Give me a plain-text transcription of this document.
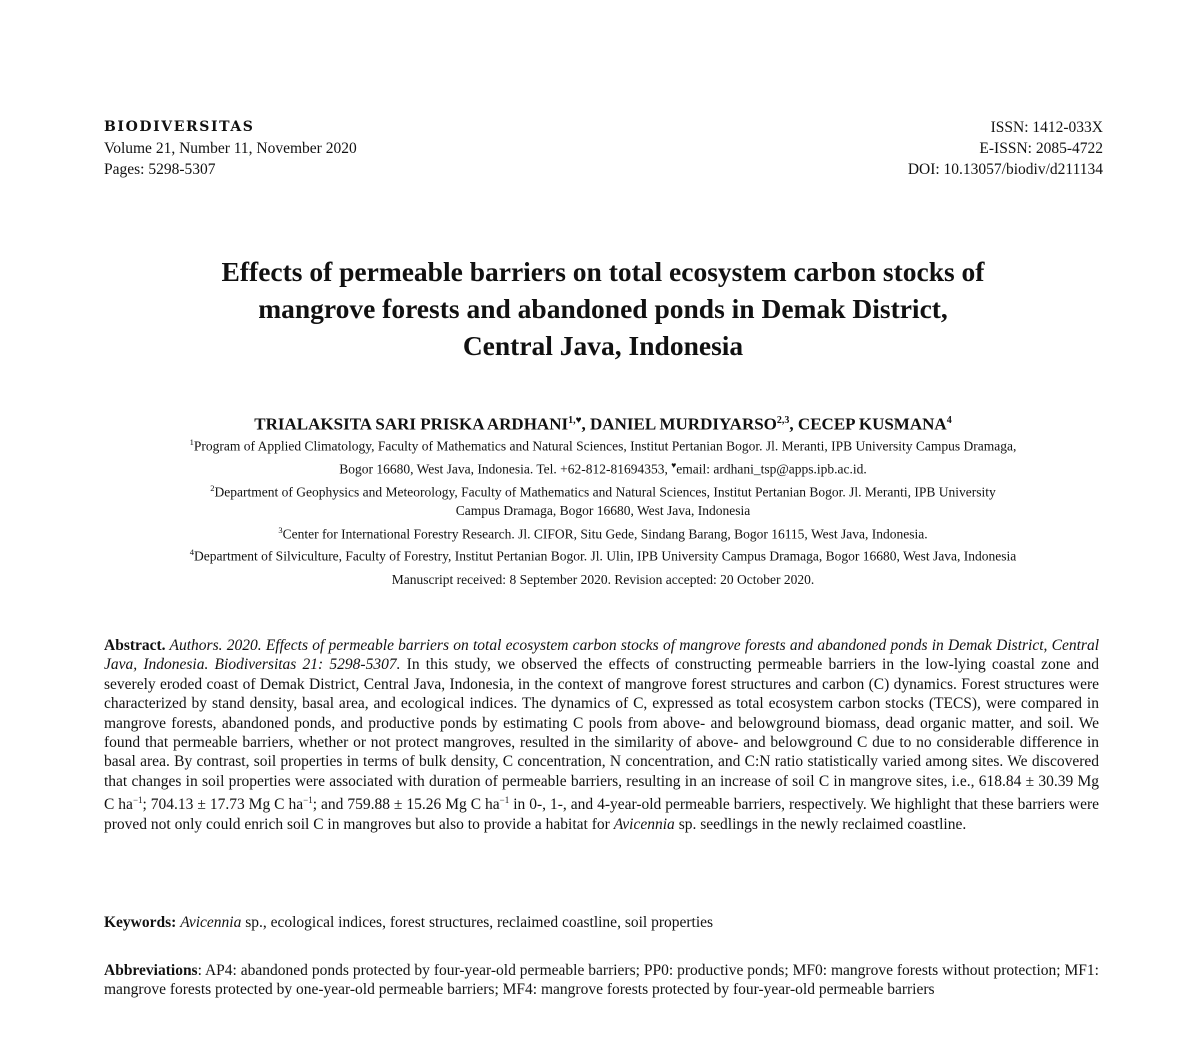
BIODIVERSITAS
Volume 21, Number 11, November 2020
Pages: 5298-5307
ISSN: 1412-033X
E-ISSN: 2085-4722
DOI: 10.13057/biodiv/d211134
Effects of permeable barriers on total ecosystem carbon stocks of
mangrove forests and abandoned ponds in Demak District,
Central Java, Indonesia
TRIALAKSITA SARI PRISKA $ARDHANI^{1,♥}$, DANIEL MURDIYARSO$^{2,3}$, CECEP KUSMANA$^4$
$^1$Program of Applied Climatology, Faculty of Mathematics and Natural Sciences, Institut Pertanian Bogor. Jl. Meranti, IPB University Campus Dramaga,
Bogor 16680, West Java, Indonesia. Tel. +62-812-81694353, ♥email: ardhani_tsp@apps.ipb.ac.id.
$^2$Department of Geophysics and Meteorology, Faculty of Mathematics and Natural Sciences, Institut Pertanian Bogor. Jl. Meranti, IPB University
Campus Dramaga, Bogor 16680, West Java, Indonesia
$^3$Center for International Forestry Research. Jl. CIFOR, Situ Gede, Sindang Barang, Bogor 16115, West Java, Indonesia.
$^4$Department of Silviculture, Faculty of Forestry, Institut Pertanian Bogor. Jl. Ulin, IPB University Campus Dramaga, Bogor 16680, West Java, Indonesia
Manuscript received: 8 September 2020. Revision accepted: 20 October 2020.
Abstract. Authors. 2020. Effects of permeable barriers on total ecosystem carbon stocks of mangrove forests and abandoned ponds in Demak District, Central Java, Indonesia. Biodiversitas 21: 5298-5307. In this study, we observed the effects of constructing permeable barriers in the low-lying coastal zone and severely eroded coast of Demak District, Central Java, Indonesia, in the context of mangrove forest structures and carbon (C) dynamics. Forest structures were characterized by stand density, basal area, and ecological indices. The dynamics of C, expressed as total ecosystem carbon stocks (TECS), were compared in mangrove forests, abandoned ponds, and productive ponds by estimating C pools from above- and belowground biomass, dead organic matter, and soil. We found that permeable barriers, whether or not protect mangroves, resulted in the similarity of above- and belowground C due to no considerable difference in basal area. By contrast, soil properties in terms of bulk density, C concentration, N concentration, and C:N ratio statistically varied among sites. We discovered that changes in soil properties were associated with duration of permeable barriers, resulting in an increase of soil C in mangrove sites, i.e., 618.84 ± 30.39 Mg C $ha^{-1}$; 704.13 ± 17.73 Mg C $ha^{-1}$; and 759.88 ± 15.26 Mg C $ha^{-1}$ in 0-, 1-, and 4-year-old permeable barriers, respectively. We highlight that these barriers were proved not only could enrich soil C in mangroves but also to provide a habitat for Avicennia sp. seedlings in the newly reclaimed coastline.
Keywords: Avicennia sp., ecological indices, forest structures, reclaimed coastline, soil properties
Abbreviations: AP4: abandoned ponds protected by four-year-old permeable barriers; PP0: productive ponds; MF0: mangrove forests without protection; MF1: mangrove forests protected by one-year-old permeable barriers; MF4: mangrove forests protected by four-year-old permeable barriers
